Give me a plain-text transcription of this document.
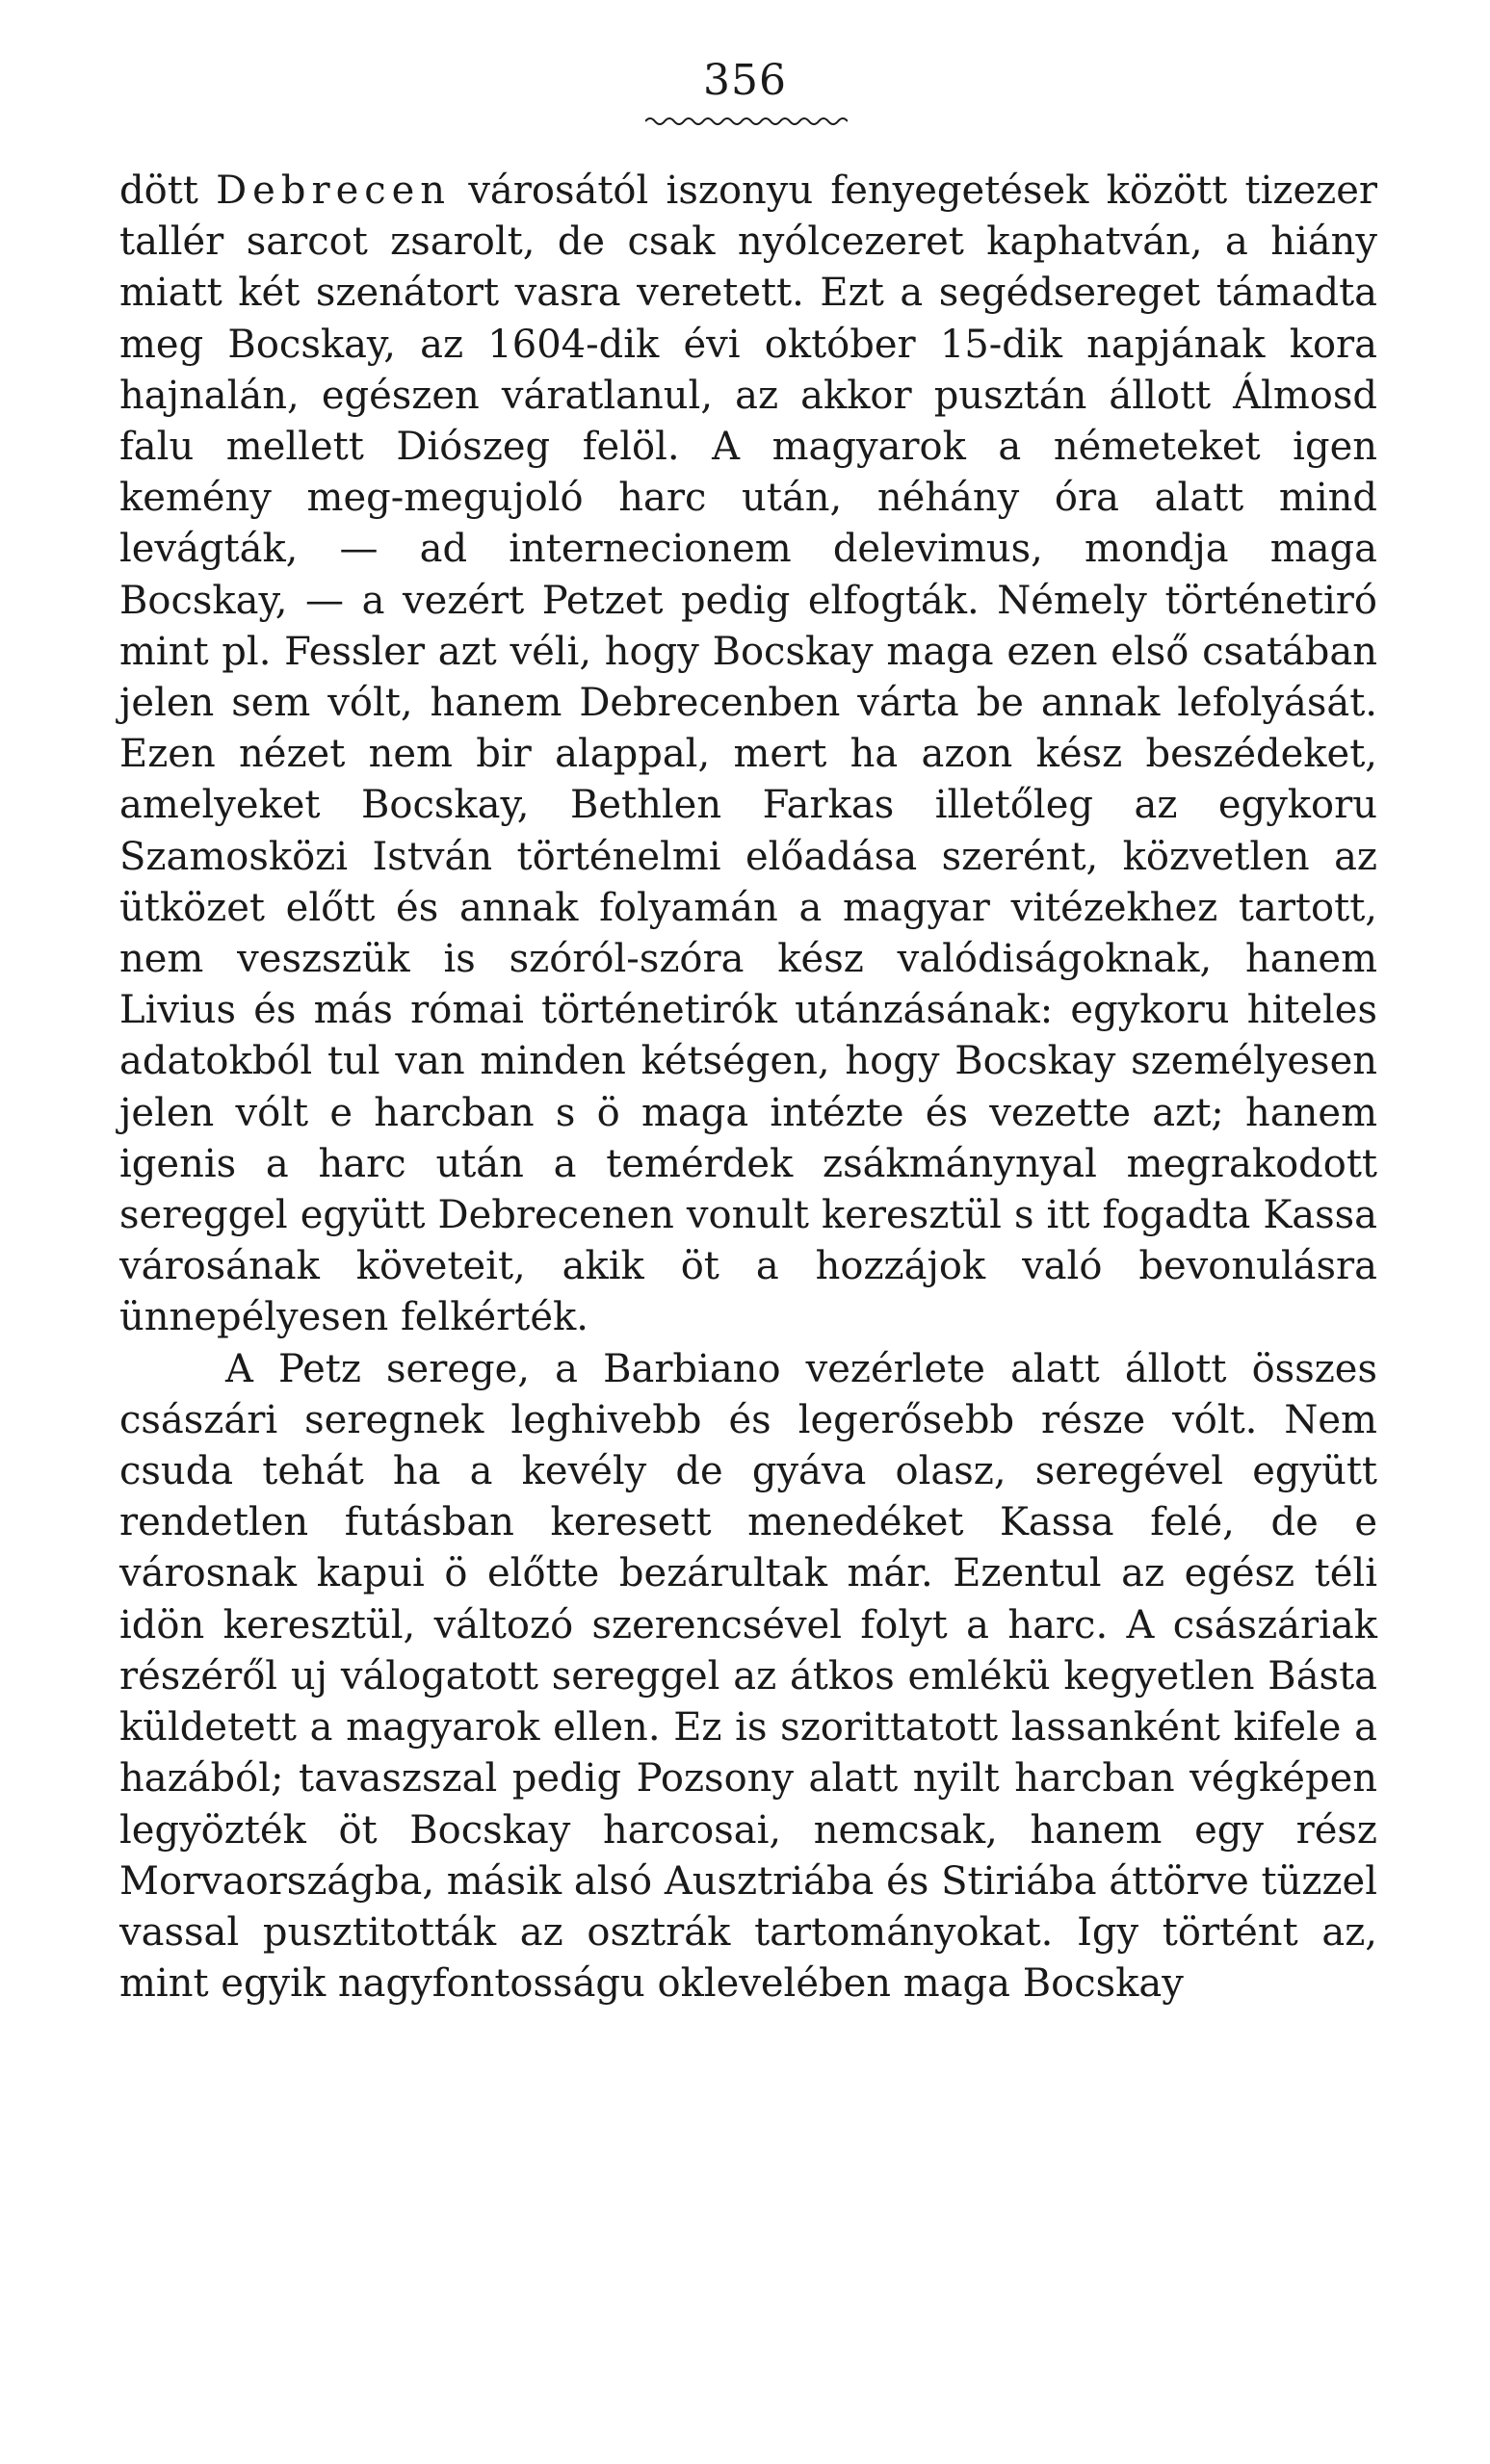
356

dött Debrecen városától iszonyu fenyegetések között tizezer tallér sarcot zsarolt, de csak nyólcezeret kaphatván, a hiány miatt két szenátort vasra veretett. Ezt a segédsereget támadta meg Bocskay, az 1604-dik évi október 15-dik napjának kora hajnalán, egészen váratlanul, az akkor pusztán állott Álmosd falu mellett Diószeg felöl. A magyarok a németeket igen kemény meg-megujoló harc után, néhány óra alatt mind levágták, — ad internecionem delevimus, mondja maga Bocskay, — a vezért Petzet pedig elfogták. Némely történetiró mint pl. Fessler azt véli, hogy Bocskay maga ezen első csatában jelen sem vólt, hanem Debrecenben várta be annak lefolyását. Ezen nézet nem bir alappal, mert ha azon kész beszédeket, amelyeket Bocskay, Bethlen Farkas illetőleg az egykoru Szamosközi István történelmi előadása szerént, közvetlen az ütközet előtt és annak folyamán a magyar vitézekhez tartott, nem veszszük is szóról-szóra kész valódiságoknak, hanem Livius és más római történetirók utánzásának: egykoru hiteles adatokból tul van minden kétségen, hogy Bocskay személyesen jelen vólt e harcban s ö maga intézte és vezette azt; hanem igenis a harc után a temérdek zsákmánynyal megrakodott sereggel együtt Debrecenen vonult keresztül s itt fogadta Kassa városának követeit, akik öt a hozzájok való bevonulásra ünnepélyesen felkérték.

A Petz serege, a Barbiano vezérlete alatt állott összes császári seregnek leghivebb és legerősebb része vólt. Nem csuda tehát ha a kevély de gyáva olasz, seregével együtt rendetlen futásban keresett menedéket Kassa felé, de e városnak kapui ö előtte bezárultak már. Ezentul az egész téli idön keresztül, változó szerencsével folyt a harc. A császáriak részéről uj válogatott sereggel az átkos emlékü kegyetlen Básta küldetett a magyarok ellen. Ez is szorittatott lassanként kifele a hazából; tavaszszal pedig Pozsony alatt nyilt harcban végképen legyözték öt Bocskay harcosai, nemcsak, hanem egy rész Morvaországba, másik alsó Ausztriába és Stiriába áttörve tüzzel vassal pusztitották az osztrák tartományokat. Igy történt az, mint egyik nagyfontosságu oklevelében maga Bocskay
